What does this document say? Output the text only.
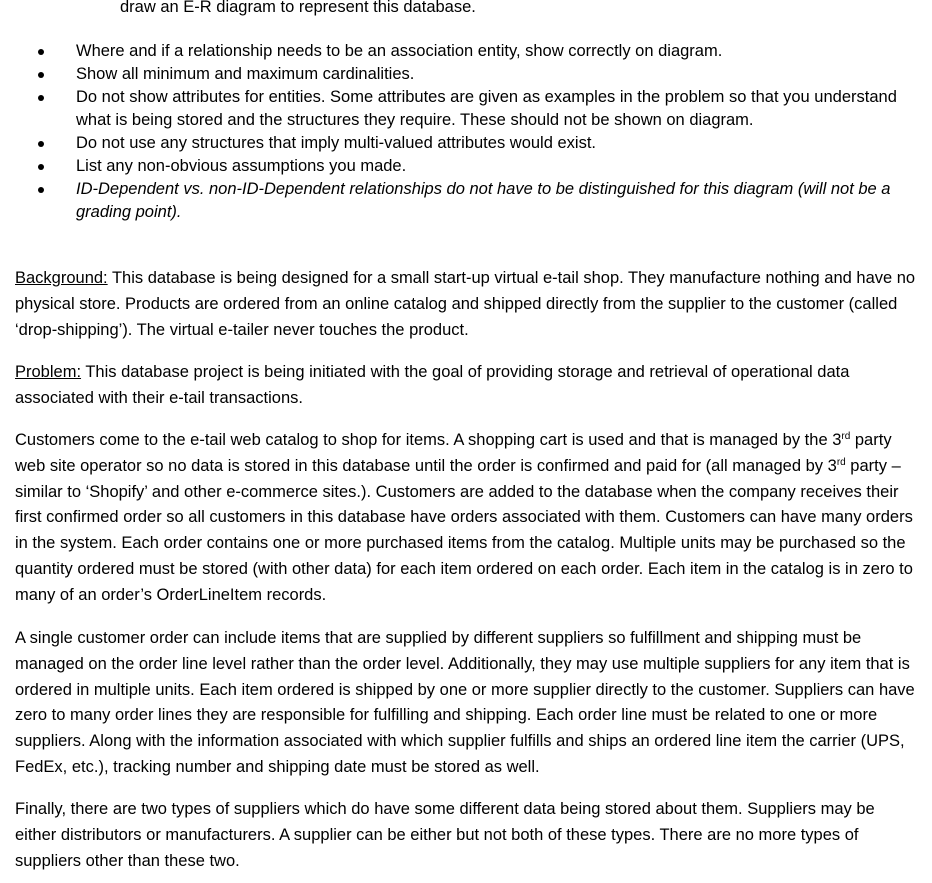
draw an E-R diagram to represent this database.

Where and if a relationship needs to be an association entity, show correctly on diagram.
Show all minimum and maximum cardinalities.
Do not show attributes for entities. Some attributes are given as examples in the problem so that you understand what is being stored and the structures they require. These should not be shown on diagram.
Do not use any structures that imply multi-valued attributes would exist.
List any non-obvious assumptions you made.
ID-Dependent vs. non-ID-Dependent relationships do not have to be distinguished for this diagram (will not be a grading point).

Background: This database is being designed for a small start-up virtual e-tail shop. They manufacture nothing and have no physical store. Products are ordered from an online catalog and shipped directly from the supplier to the customer (called ‘drop-shipping’). The virtual e-tailer never touches the product.

Problem: This database project is being initiated with the goal of providing storage and retrieval of operational data associated with their e-tail transactions.

Customers come to the e-tail web catalog to shop for items. A shopping cart is used and that is managed by the 3rd party web site operator so no data is stored in this database until the order is confirmed and paid for (all managed by 3rd party – similar to ‘Shopify’ and other e-commerce sites.). Customers are added to the database when the company receives their first confirmed order so all customers in this database have orders associated with them. Customers can have many orders in the system. Each order contains one or more purchased items from the catalog. Multiple units may be purchased so the quantity ordered must be stored (with other data) for each item ordered on each order. Each item in the catalog is in zero to many of an order’s OrderLineItem records.

A single customer order can include items that are supplied by different suppliers so fulfillment and shipping must be managed on the order line level rather than the order level. Additionally, they may use multiple suppliers for any item that is ordered in multiple units. Each item ordered is shipped by one or more supplier directly to the customer. Suppliers can have zero to many order lines they are responsible for fulfilling and shipping. Each order line must be related to one or more suppliers. Along with the information associated with which supplier fulfills and ships an ordered line item the carrier (UPS, FedEx, etc.), tracking number and shipping date must be stored as well.

Finally, there are two types of suppliers which do have some different data being stored about them. Suppliers may be either distributors or manufacturers. A supplier can be either but not both of these types. There are no more types of suppliers other than these two.
